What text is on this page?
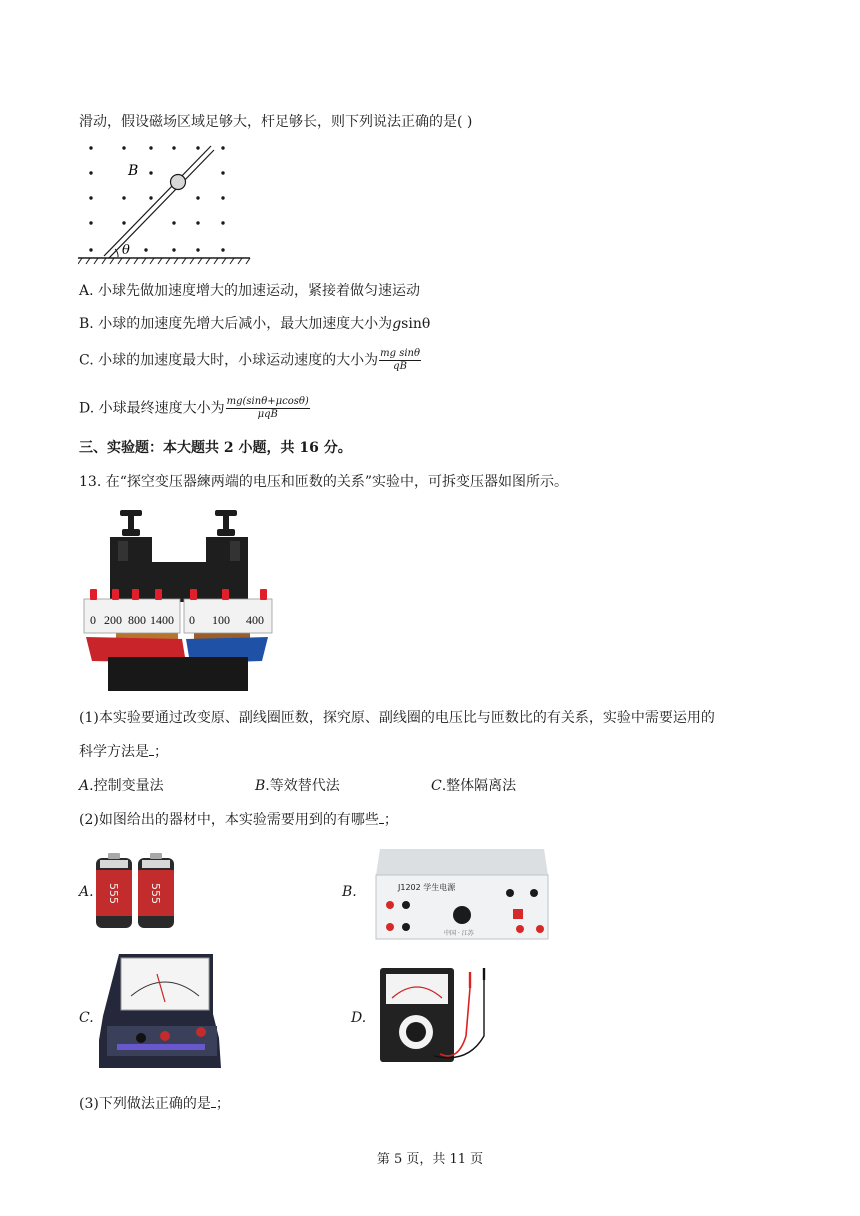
滑动，假设磁场区域足够大，杆足够长，则下列说法正确的是( )
B
θ
A. 小球先做加速度增大的加速运动，紧接着做匀速运动
B. 小球的加速度先增大后减小，最大加速度大小为gsinθ
C. 小球的加速度最大时，小球运动速度的大小为 $\frac{\text{mg sinθ}}{qB}$
D. 小球最终速度大小为 $\frac{mg(\sin\theta+\mu\cos\theta)}{\text{μqB}}$
三、实验题：本大题共 2 小题，共 16 分。
13. 在“探空变压器練两端的电压和匝数的关系”实验中，可拆变压器如图所示。
0 200 800 1400 0 100 400
(1)本实验要通过改变原、副线圈匝数，探究原、副线圈的电压比与匝数比的有关系，实验中需要运用的
科学方法是 ；
A.控制变量法	B.等效替代法	C.整体隔离法
(2)如图给出的器材中，本实验需要用到的有哪些 ；
A. 555	555	B.	J1202 学生电源
中国 · 江苏
C.	D.
(3)下列做法正确的是 ；
第 5 页，共 11 页
